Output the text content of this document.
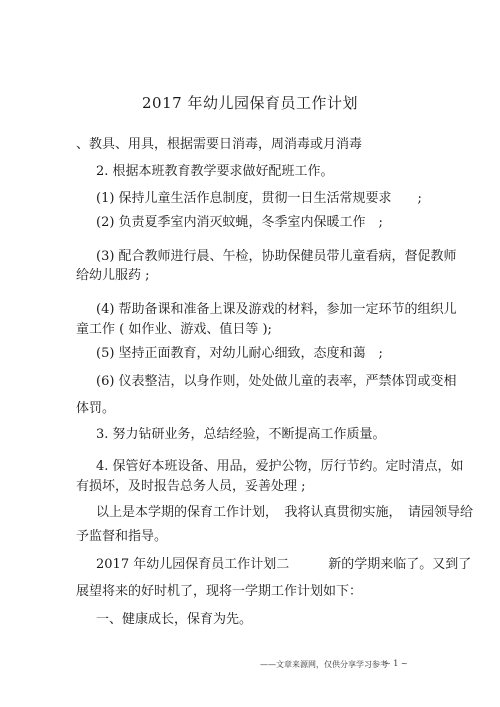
2017 年幼儿园保育员工作计划
、教具、用具，根据需要日消毒，周消毒或月消毒
2. 根据本班教育教学要求做好配班工作。
(1) 保持儿童生活作息制度，贯彻一日生活常规要求　　;
(2) 负责夏季室内消灭蚊蝇，冬季室内保暖工作　;
(3) 配合教师进行晨、午检，协助保健员带儿童看病，督促教师
给幼儿服药 ;
(4) 帮助备课和准备上课及游戏的材料，参加一定环节的组织儿
童工作 ( 如作业、游戏、值日等 );
(5) 坚持正面教育，对幼儿耐心细致，态度和蔼　;
(6) 仪表整洁，以身作则，处处做儿童的表率，严禁体罚或变相
体罚。
3. 努力钻研业务，总结经验，不断提高工作质量。
4. 保管好本班设备、用品，爱护公物，厉行节约。定时清点，如
有损坏，及时报告总务人员，妥善处理 ;
以上是本学期的保育工作计划，　我将认真贯彻实施，　请园领导给
予监督和指导。
2017 年幼儿园保育员工作计划二　　　新的学期来临了。又到了
展望将来的好时机了，现将一学期工作计划如下：
一、健康成长，保育为先。
——文章来源网，仅供分享学习参考
~ 1 ~
